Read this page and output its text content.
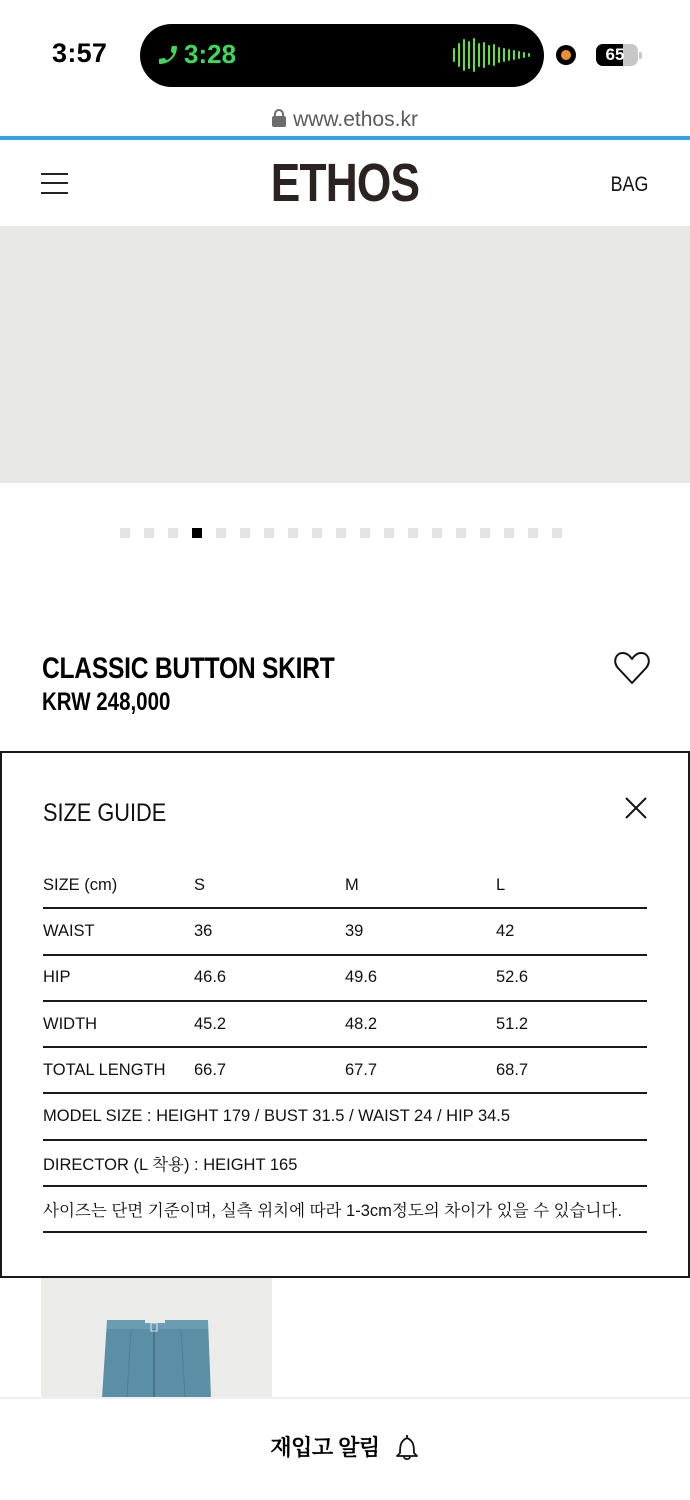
3:57	3:28	65
www.ethos.kr
ETHOS	BAG
CLASSIC BUTTON SKIRT
KRW 248,000
SIZE GUIDE
SIZE (cm)	S	M	L
WAIST	36	39	42
HIP	46.6	49.6	52.6
WIDTH	45.2	48.2	51.2
TOTAL LENGTH	66.7	67.7	68.7
MODEL SIZE : HEIGHT 179 / BUST 31.5 / WAIST 24 / HIP 34.5
DIRECTOR (L 착용) : HEIGHT 165
사이즈는 단면 기준이며, 실측 위치에 따라 1-3cm정도의 차이가 있을 수 있습니다.
재입고 알림
